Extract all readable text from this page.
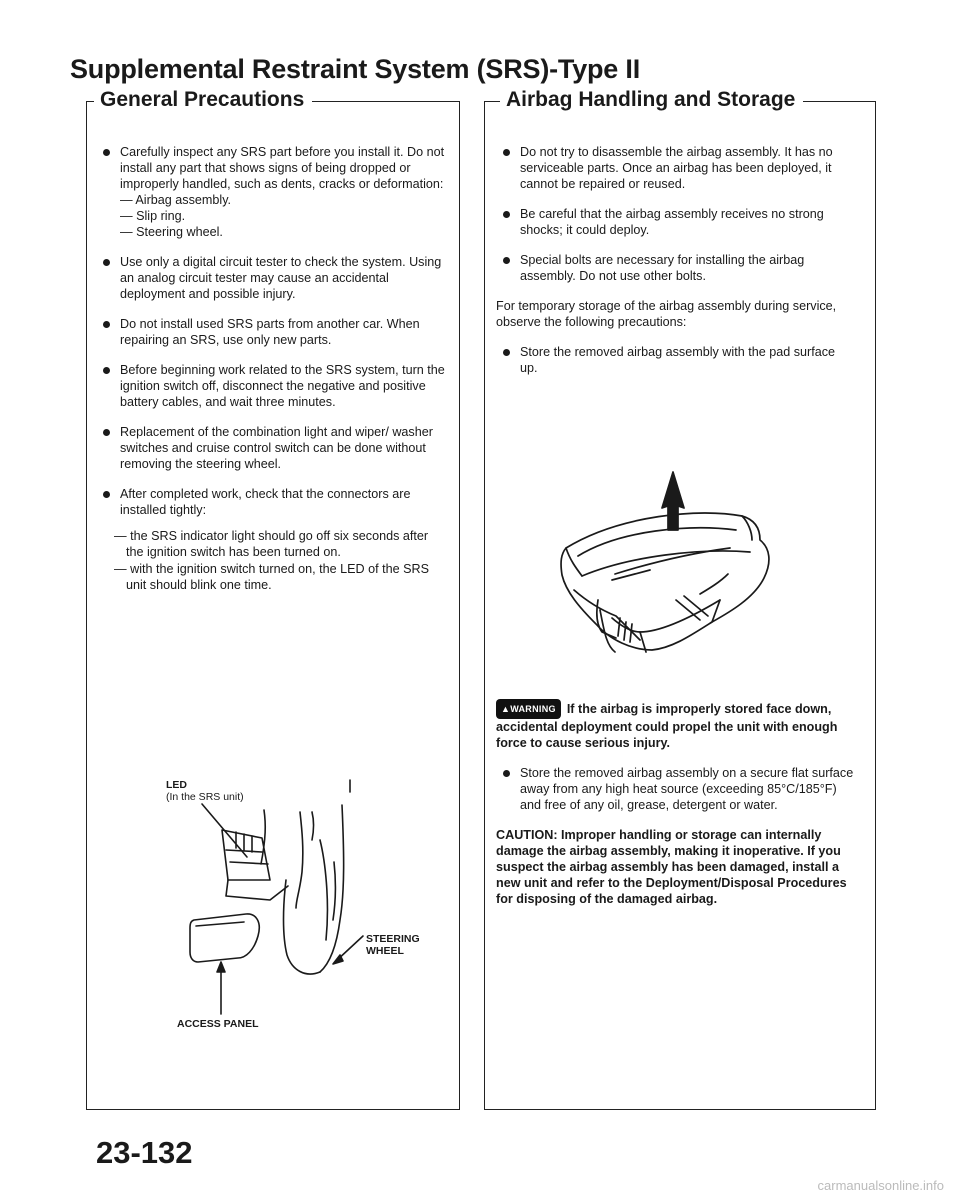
Supplemental Restraint System (SRS)-Type II
General Precautions	Airbag Handling and Storage
Carefully inspect any SRS part before you install it. Do not install any part that shows signs of being dropped or improperly handled, such as dents, cracks or deformation:
— Airbag assembly.
— Slip ring.
— Steering wheel.
Use only a digital circuit tester to check the system. Using an analog circuit tester may cause an accidental deployment and possible injury.
Do not install used SRS parts from another car. When repairing an SRS, use only new parts.
Before beginning work related to the SRS system, turn the ignition switch off, disconnect the negative and positive battery cables, and wait three minutes.
Replacement of the combination light and wiper/ washer switches and cruise control switch can be done without removing the steering wheel.
After completed work, check that the connectors are installed tightly:
— the SRS indicator light should go off six seconds after the ignition switch has been turned on.
— with the ignition switch turned on, the LED of the SRS unit should blink one time.
LED
(In the SRS unit)
STEERING
WHEEL
ACCESS PANEL
23-132
Do not try to disassemble the airbag assembly. It has no serviceable parts. Once an airbag has been deployed, it cannot be repaired or reused.
Be careful that the airbag assembly receives no strong shocks; it could deploy.
Special bolts are necessary for installing the airbag assembly. Do not use other bolts.
For temporary storage of the airbag assembly during service, observe the following precautions:
Store the removed airbag assembly with the pad surface up.
▲WARNING If the airbag is improperly stored face down, accidental deployment could propel the unit with enough force to cause serious injury.
Store the removed airbag assembly on a secure flat surface away from any high heat source (exceeding 85°C/185°F) and free of any oil, grease, detergent or water.
CAUTION: Improper handling or storage can internally damage the airbag assembly, making it inoperative. If you suspect the airbag assembly has been damaged, install a new unit and refer to the Deployment/Disposal Procedures for disposing of the damaged airbag.
carmanualsonline.info
